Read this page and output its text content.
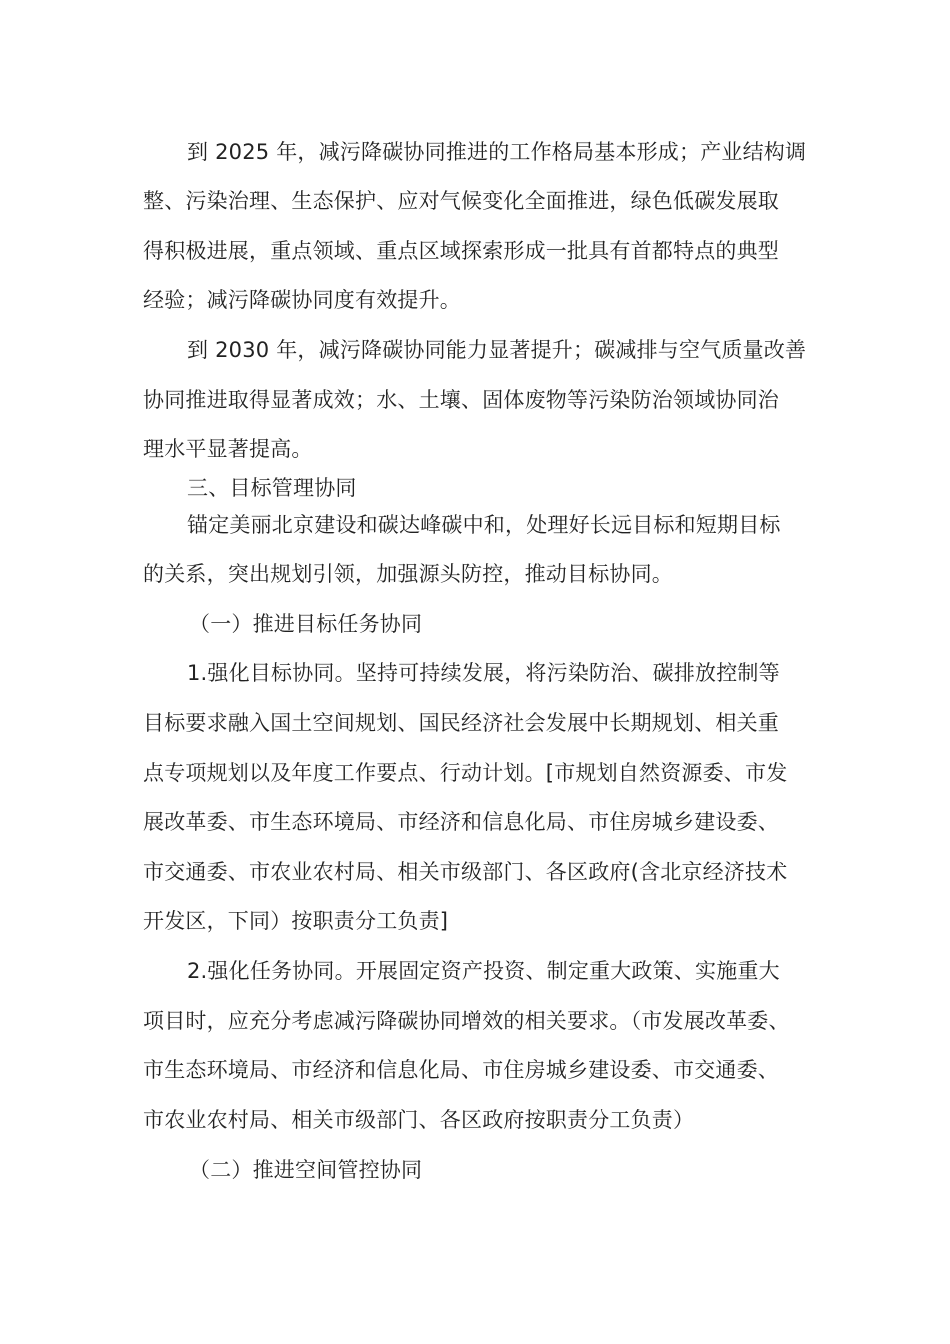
到 2025 年，减污降碳协同推进的工作格局基本形成；产业结构调
整、污染治理、生态保护、应对气候变化全面推进，绿色低碳发展取
得积极进展，重点领域、重点区域探索形成一批具有首都特点的典型
经验；减污降碳协同度有效提升。
到 2030 年，减污降碳协同能力显著提升；碳减排与空气质量改善
协同推进取得显著成效；水、土壤、固体废物等污染防治领域协同治
理水平显著提高。
三、目标管理协同
锚定美丽北京建设和碳达峰碳中和，处理好长远目标和短期目标
的关系，突出规划引领，加强源头防控，推动目标协同。
（一）推进目标任务协同
1.强化目标协同。坚持可持续发展，将污染防治、碳排放控制等
目标要求融入国土空间规划、国民经济社会发展中长期规划、相关重
点专项规划以及年度工作要点、行动计划。[市规划自然资源委、市发
展改革委、市生态环境局、市经济和信息化局、市住房城乡建设委、
市交通委、市农业农村局、相关市级部门、各区政府(含北京经济技术
开发区，下同）按职责分工负责]
2.强化任务协同。开展固定资产投资、制定重大政策、实施重大
项目时，应充分考虑减污降碳协同增效的相关要求。（市发展改革委、
市生态环境局、市经济和信息化局、市住房城乡建设委、市交通委、
市农业农村局、相关市级部门、各区政府按职责分工负责）
（二）推进空间管控协同
